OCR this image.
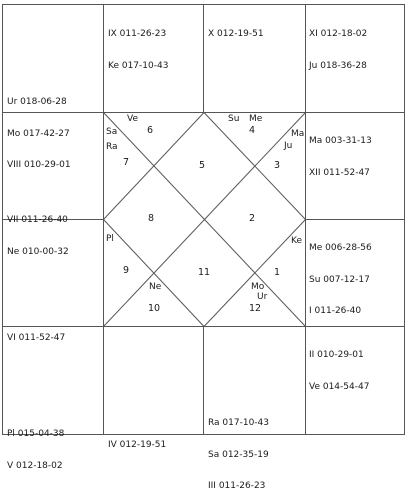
IX 011-26-23

Ke 017-10-43

X 012-19-51

	XI 012-18-02

Ju 018-36-28

Ur 018-06-28

Mo 017-42-27

VIII 010-29-01

VII 011-26-40

Ne 010-00-32

VI 011-52-47

Ma 003-31-13

XII 011-52-47

Me 006-28-56

Su 007-12-17

I 011-26-40

Pl 015-04-38

V 012-18-02

IV 012-19-51

Ra 017-10-43

Sa 012-35-19

III 011-26-23

II 010-29-01

Ve 014-54-47

1
2
3
4
5
6
7
8
9
10
11
12
Ve	Su Me
Sa
Ra
Ma
Ju
Pl	Ke
Ne	Mo
Ur
